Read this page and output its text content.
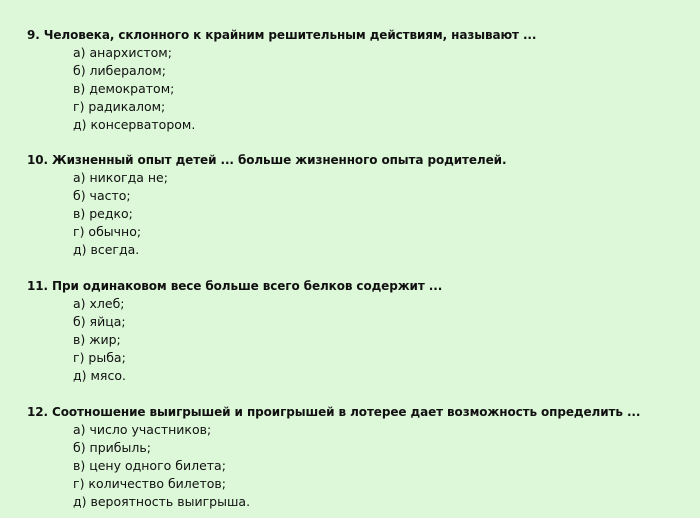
9. Человека, склонного к крайним решительным действиям, называют ...
а) анархистом;
б) либералом;
в) демократом;
г) радикалом;
д) консерватором.
10. Жизненный опыт детей ... больше жизненного опыта родителей.
а) никогда не;
б) часто;
в) редко;
г) обычно;
д) всегда.
11. При одинаковом весе больше всего белков содержит ...
а) хлеб;
б) яйца;
в) жир;
г) рыба;
д) мясо.
12. Соотношение выигрышей и проигрышей в лотерее дает возможность определить ...
а) число участников;
б) прибыль;
в) цену одного билета;
г) количество билетов;
д) вероятность выигрыша.
